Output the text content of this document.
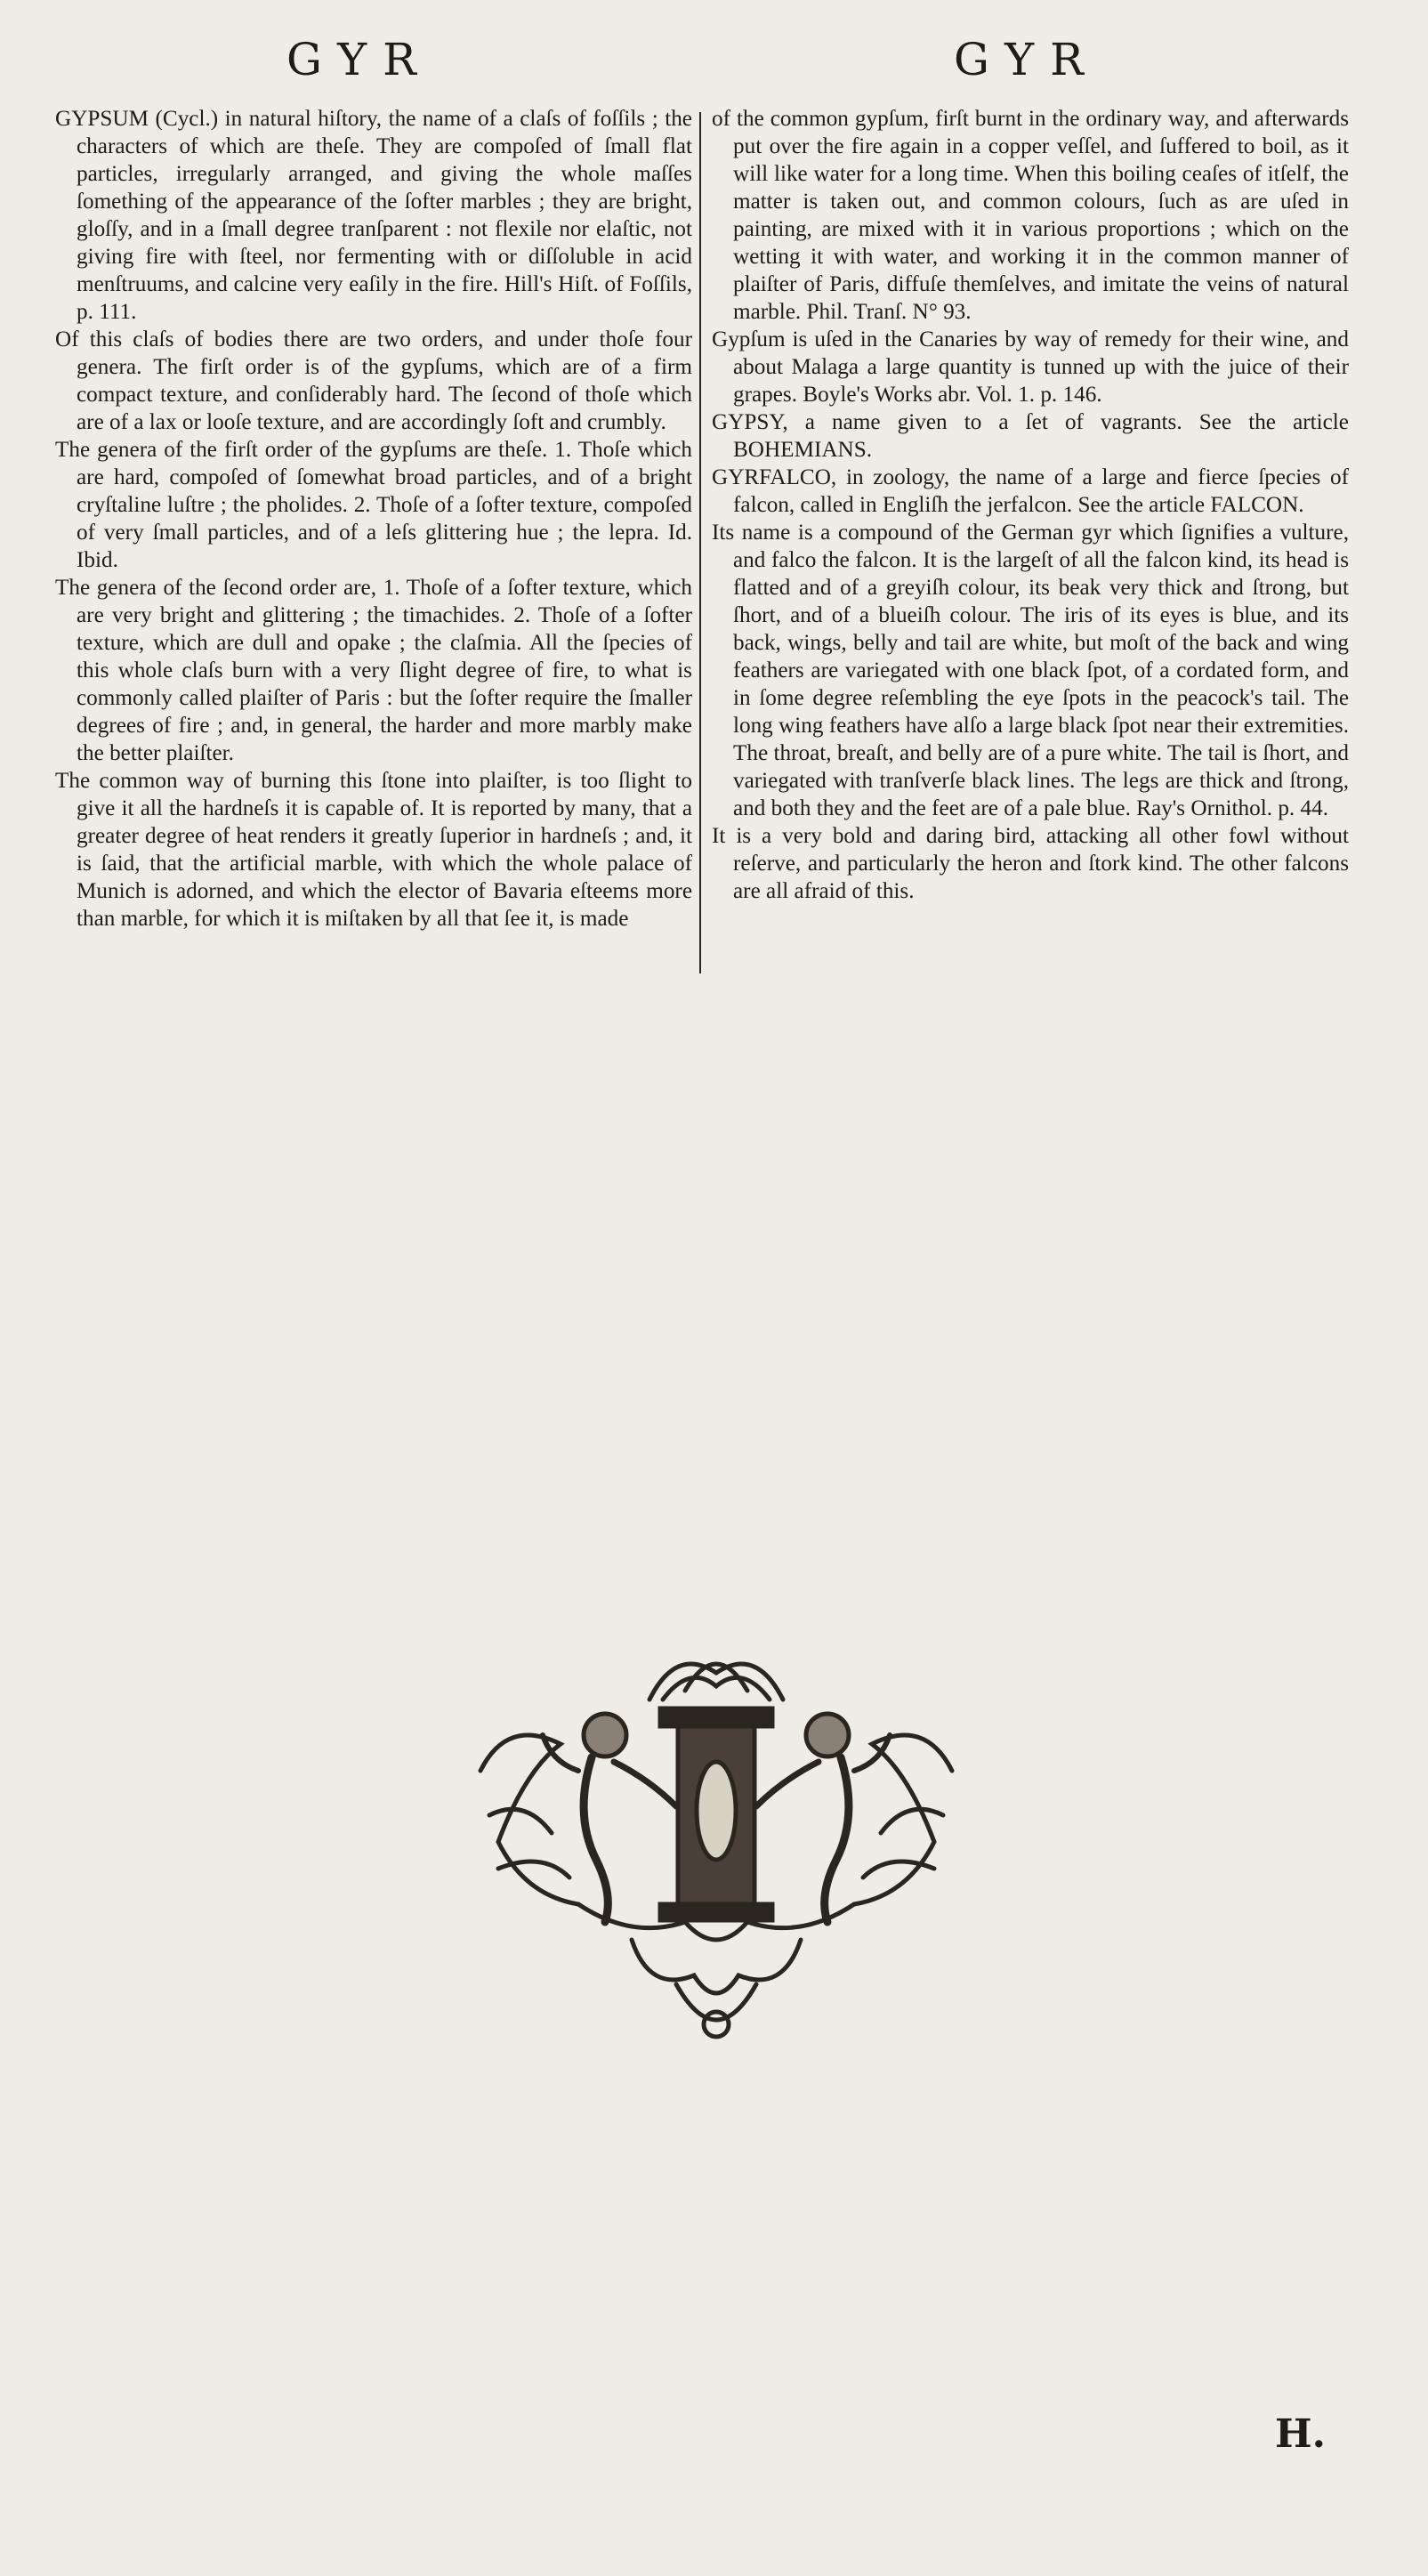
GYR	GYR

GYPSUM (Cycl.) in natural hiſtory, the name of a claſs of foſſils ; the characters of which are theſe. They are compoſed of ſmall flat particles, irregularly arranged, and giving the whole maſſes ſomething of the appearance of the ſofter marbles ; they are bright, gloſſy, and in a ſmall degree tranſparent : not flexile nor elaſtic, not giving fire with ſteel, nor fermenting with or diſſoluble in acid menſtruums, and calcine very eaſily in the fire. Hill's Hiſt. of Foſſils, p. 111.

Of this claſs of bodies there are two orders, and under thoſe four genera. The firſt order is of the gypſums, which are of a firm compact texture, and conſiderably hard. The ſecond of thoſe which are of a lax or looſe texture, and are accordingly ſoft and crumbly.

The genera of the firſt order of the gypſums are theſe. 1. Thoſe which are hard, compoſed of ſomewhat broad particles, and of a bright cryſtaline luſtre ; the pholides. 2. Thoſe of a ſofter texture, compoſed of very ſmall particles, and of a leſs glittering hue ; the lepra. Id. Ibid.

The genera of the ſecond order are, 1. Thoſe of a ſofter texture, which are very bright and glittering ; the timachides. 2. Thoſe of a ſofter texture, which are dull and opake ; the claſmia. All the ſpecies of this whole claſs burn with a very ſlight degree of fire, to what is commonly called plaiſter of Paris : but the ſofter require the ſmaller degrees of fire ; and, in general, the harder and more marbly make the better plaiſter.

The common way of burning this ſtone into plaiſter, is too ſlight to give it all the hardneſs it is capable of. It is reported by many, that a greater degree of heat renders it greatly ſuperior in hardneſs ; and, it is ſaid, that the artificial marble, with which the whole palace of Munich is adorned, and which the elector of Bavaria eſteems more than marble, for which it is miſtaken by all that ſee it, is made

of the common gypſum, firſt burnt in the ordinary way, and afterwards put over the fire again in a copper veſſel, and ſuffered to boil, as it will like water for a long time. When this boiling ceaſes of itſelf, the matter is taken out, and common colours, ſuch as are uſed in painting, are mixed with it in various proportions ; which on the wetting it with water, and working it in the common manner of plaiſter of Paris, diffuſe themſelves, and imitate the veins of natural marble. Phil. Tranſ. N° 93.

Gypſum is uſed in the Canaries by way of remedy for their wine, and about Malaga a large quantity is tunned up with the juice of their grapes. Boyle's Works abr. Vol. 1. p. 146.

GYPSY, a name given to a ſet of vagrants. See the article BOHEMIANS.

GYRFALCO, in zoology, the name of a large and fierce ſpecies of falcon, called in Engliſh the jerfalcon. See the article FALCON.

Its name is a compound of the German gyr which ſignifies a vulture, and falco the falcon. It is the largeſt of all the falcon kind, its head is flatted and of a greyiſh colour, its beak very thick and ſtrong, but ſhort, and of a blueiſh colour. The iris of its eyes is blue, and its back, wings, belly and tail are white, but moſt of the back and wing feathers are variegated with one black ſpot, of a cordated form, and in ſome degree reſembling the eye ſpots in the peacock's tail. The long wing feathers have alſo a large black ſpot near their extremities. The throat, breaſt, and belly are of a pure white. The tail is ſhort, and variegated with tranſverſe black lines. The legs are thick and ſtrong, and both they and the feet are of a pale blue. Ray's Ornithol. p. 44.

It is a very bold and daring bird, attacking all other fowl without reſerve, and particularly the heron and ſtork kind. The other falcons are all afraid of this.

H.
